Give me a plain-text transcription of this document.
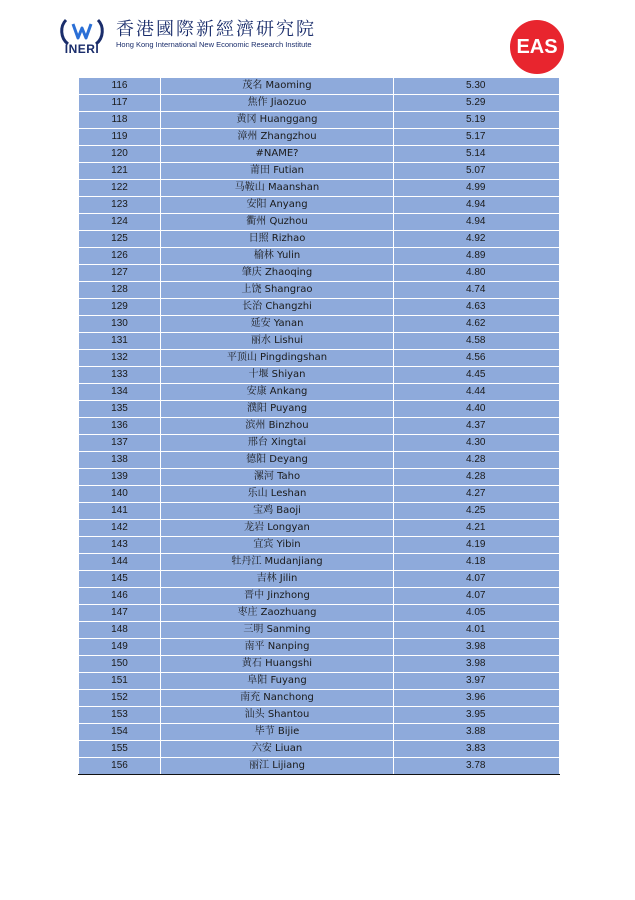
INERI
香港國際新經濟研究院
Hong Kong International New Economic Research Institute	EAS
116	茂名 Maoming	5.30
117	焦作 Jiaozuo	5.29
118	黄冈 Huanggang	5.19
119	漳州 Zhangzhou	5.17
120	#NAME?	5.14
121	莆田 Futian	5.07
122	马鞍山 Maanshan	4.99
123	安阳 Anyang	4.94
124	衢州 Quzhou	4.94
125	日照 Rizhao	4.92
126	榆林 Yulin	4.89
127	肇庆 Zhaoqing	4.80
128	上饶 Shangrao	4.74
129	长治 Changzhi	4.63
130	延安 Yanan	4.62
131	丽水 Lishui	4.58
132	平顶山 Pingdingshan	4.56
133	十堰 Shiyan	4.45
134	安康 Ankang	4.44
135	濮阳 Puyang	4.40
136	滨州 Binzhou	4.37
137	邢台 Xingtai	4.30
138	德阳 Deyang	4.28
139	漯河 Taho	4.28
140	乐山 Leshan	4.27
141	宝鸡 Baoji	4.25
142	龙岩 Longyan	4.21
143	宜宾 Yibin	4.19
144	牡丹江 Mudanjiang	4.18
145	吉林 Jilin	4.07
146	晋中 Jinzhong	4.07
147	枣庄 Zaozhuang	4.05
148	三明 Sanming	4.01
149	南平 Nanping	3.98
150	黄石 Huangshi	3.98
151	阜阳 Fuyang	3.97
152	南充 Nanchong	3.96
153	汕头 Shantou	3.95
154	毕节 Bijie	3.88
155	六安 Liuan	3.83
156	丽江 Lijiang	3.78
